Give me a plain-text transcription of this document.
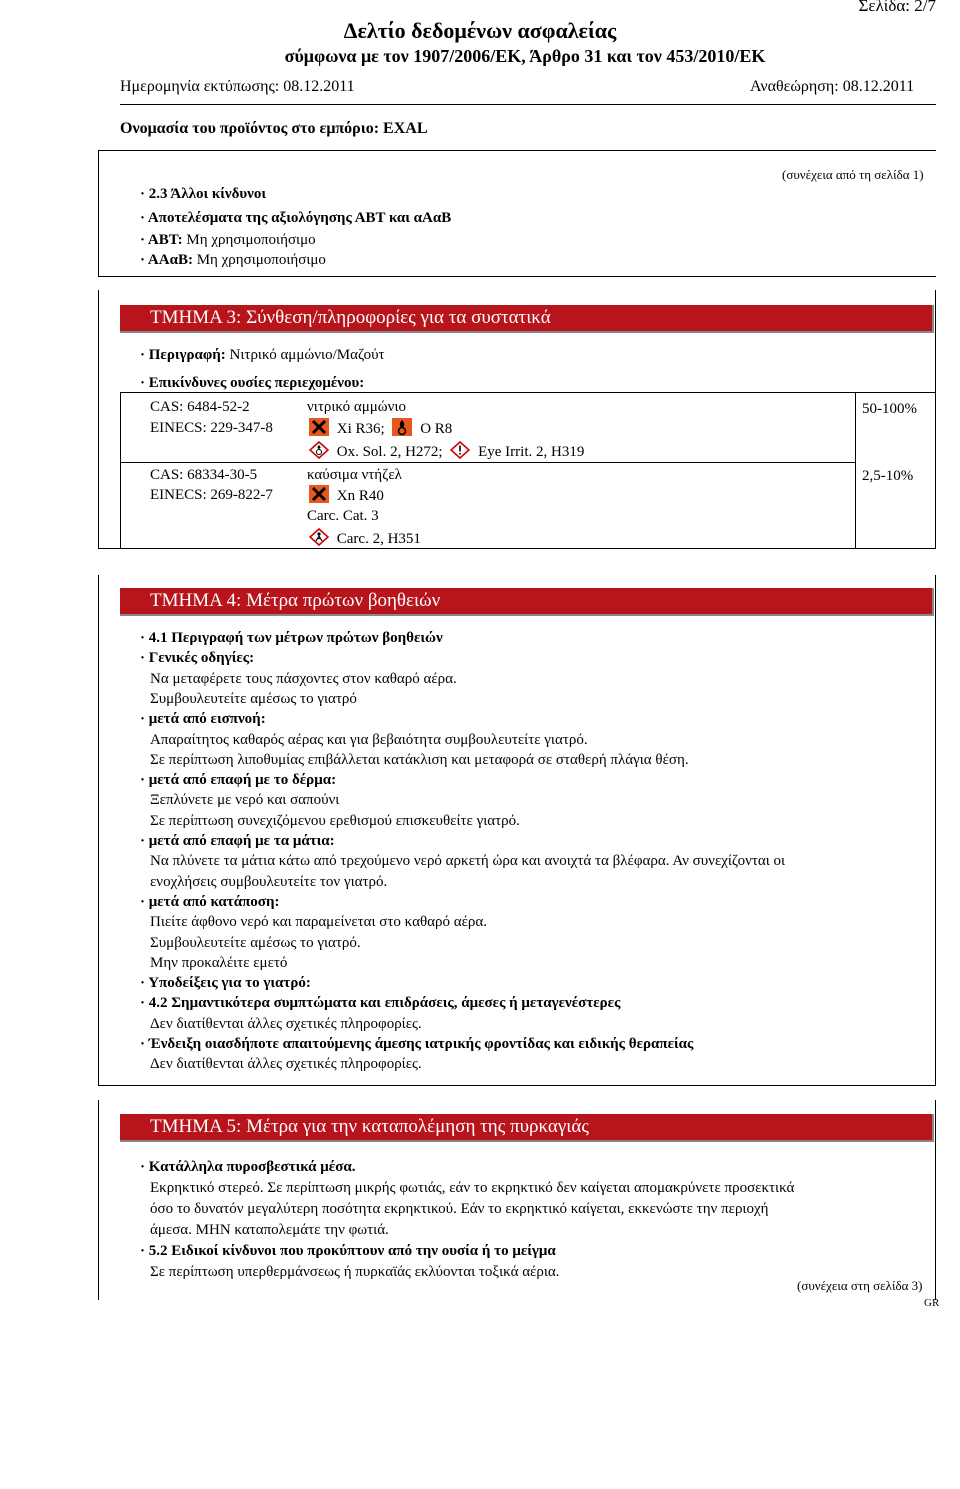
Σελίδα: 2/7
Δελτίο δεδομένων ασφαλείας
σύμφωνα με τον 1907/2006/ΕΚ, Άρθρο 31 και τον 453/2010/ΕΚ
Ημερομηνία εκτύπωσης: 08.12.2011	Αναθεώρηση: 08.12.2011
Ονομασία του προϊόντος στο εμπόριο: EXAL
(συνέχεια από τη σελίδα 1)
· 2.3 Άλλοι κίνδυνοι
· Αποτελέσματα της αξιολόγησης ΑΒΤ και αΑαΒ
· ΑΒΤ: Μη χρησιμοποιήσιμο
· ΑΑαΒ: Μη χρησιμοποιήσιμο
ΤΜΗΜΑ 3: Σύνθεση/πληροφορίες για τα συστατικά
· Περιγραφή: Νιτρικό αμμώνιο/Μαζούτ
· Επικίνδυνες ουσίες περιεχομένου:
CAS: 6484-52-2
EINECS: 229-347-8
νιτρικό αμμώνιο
Xi R36; O R8
Ox. Sol. 2, H272; Eye Irrit. 2, H319
50-100%
CAS: 68334-30-5
EINECS: 269-822-7
καύσιμα ντήζελ
Xn R40
Carc. Cat. 3
Carc. 2, H351
2,5-10%
ΤΜΗΜΑ 4: Μέτρα πρώτων βοηθειών
· 4.1 Περιγραφή των μέτρων πρώτων βοηθειών
· Γενικές οδηγίες:
Να μεταφέρετε τους πάσχοντες στον καθαρό αέρα.
Συμβουλευτείτε αμέσως το γιατρό
· μετά από εισπνοή:
Απαραίτητος καθαρός αέρας και για βεβαιότητα συμβουλευτείτε γιατρό.
Σε περίπτωση λιποθυμίας επιβάλλεται κατάκλιση και μεταφορά σε σταθερή πλάγια θέση.
· μετά από επαφή με το δέρμα:
Ξεπλύνετε με νερό και σαπούνι
Σε περίπτωση συνεχιζόμενου ερεθισμού επισκευθείτε γιατρό.
· μετά από επαφή με τα μάτια:
Να πλύνετε τα μάτια κάτω από τρεχούμενο νερό αρκετή ώρα και ανοιχτά τα βλέφαρα. Αν συνεχίζονται οι
ενοχλήσεις συμβουλευτείτε τον γιατρό.
· μετά από κατάποση:
Πιείτε άφθονο νερό και παραμείνεται στο καθαρό αέρα.
Συμβουλευτείτε αμέσως το γιατρό.
Μην προκαλέιτε εμετό
· Υποδείξεις για το γιατρό:
· 4.2 Σημαντικότερα συμπτώματα και επιδράσεις, άμεσες ή μεταγενέστερες
Δεν διατίθενται άλλες σχετικές πληροφορίες.
· Ένδειξη οιασδήποτε απαιτούμενης άμεσης ιατρικής φροντίδας και ειδικής θεραπείας
Δεν διατίθενται άλλες σχετικές πληροφορίες.
ΤΜΗΜΑ 5: Μέτρα για την καταπολέμηση της πυρκαγιάς
· Κατάλληλα πυροσβεστικά μέσα.
Εκρηκτικό στερεό. Σε περίπτωση μικρής φωτιάς, εάν το εκρηκτικό δεν καίγεται απομακρύνετε προσεκτικά
όσο το δυνατόν μεγαλύτερη ποσότητα εκρηκτικού. Εάν το εκρηκτικό καίγεται, εκκενώστε την περιοχή
άμεσα. ΜΗΝ καταπολεμάτε την φωτιά.
· 5.2 Ειδικοί κίνδυνοι που προκύπτουν από την ουσία ή το μείγμα
Σε περίπτωση υπερθερμάνσεως ή πυρκαϊάς εκλύονται τοξικά αέρια.
(συνέχεια στη σελίδα 3)
GR
